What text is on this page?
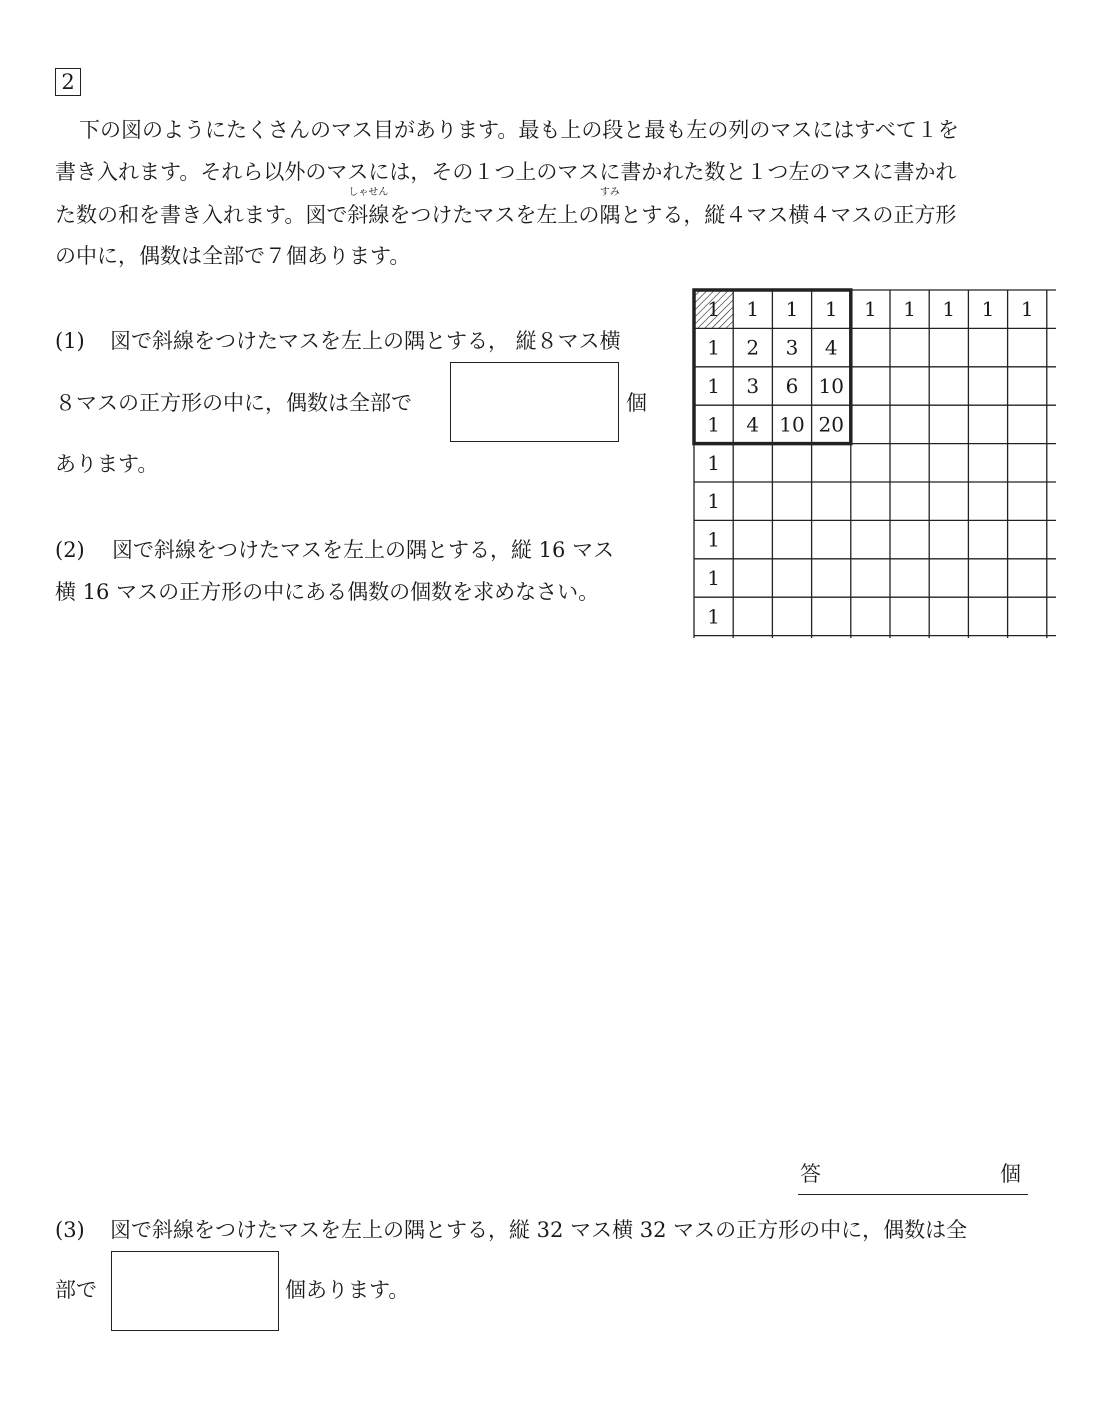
2
下の図のようにたくさんのマス目があります。最も上の段と最も左の列のマスにはすべて１を
書き入れます。それら以外のマスには，その１つ上のマスに書かれた数と１つ左のマスに書かれ
た数の和を書き入れます。図で
しゃせん
斜線をつけたマスを左上の
すみ
隅とする，縦４マス横４マスの正方形
の中に，偶数は全部で７個あります。
(1) 図で斜線をつけたマスを左上の隅とする， 縦８マス横
８マスの正方形の中に，偶数は全部で	個
あります。
(2) 図で斜線をつけたマスを左上の隅とする，縦 16 マス
横 16 マスの正方形の中にある偶数の個数を求めなさい。
1 1 1 1 1 1 1 1 1
1 2 3 4
1 3 6 10
1 4 10 20
1
1
1
1
1
答	個
(3) 図で斜線をつけたマスを左上の隅とする，縦 32 マス横 32 マスの正方形の中に，偶数は全
部で	個あります。
